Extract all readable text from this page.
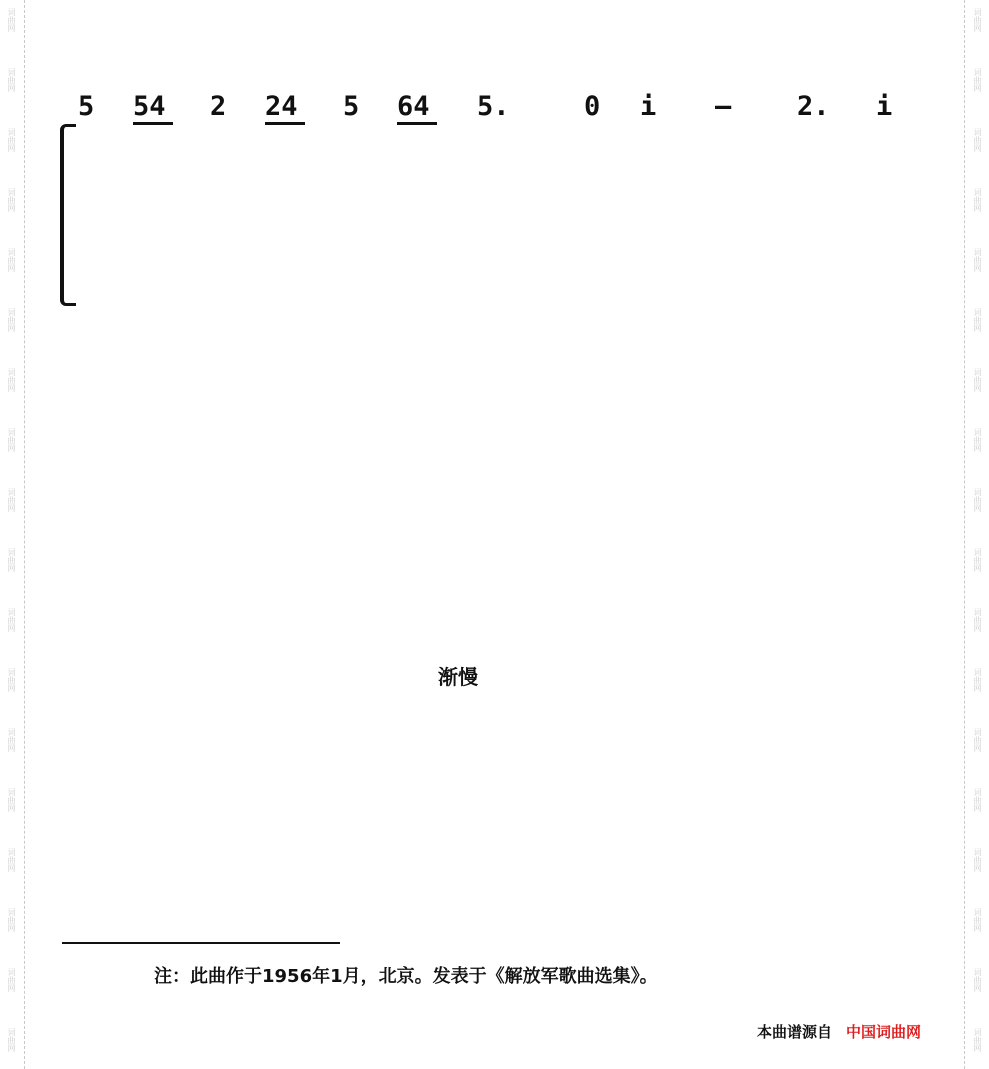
词曲网
词曲网
词曲网
词曲网
词曲网
词曲网
词曲网
词曲网
词曲网
词曲网
词曲网
词曲网
词曲网
词曲网
词曲网
词曲网
词曲网
词曲网
词曲网
词曲网
词曲网
词曲网
词曲网
词曲网
词曲网
词曲网
词曲网
词曲网
词曲网
词曲网
词曲网
词曲网
词曲网
词曲网
词曲网
词曲网
5 54 2 24 5 64 5.	0 i — 2. i
渐慢
注：此曲作于1956年1月，北京。发表于《解放军歌曲选集》。
本曲谱源自 中国词曲网
